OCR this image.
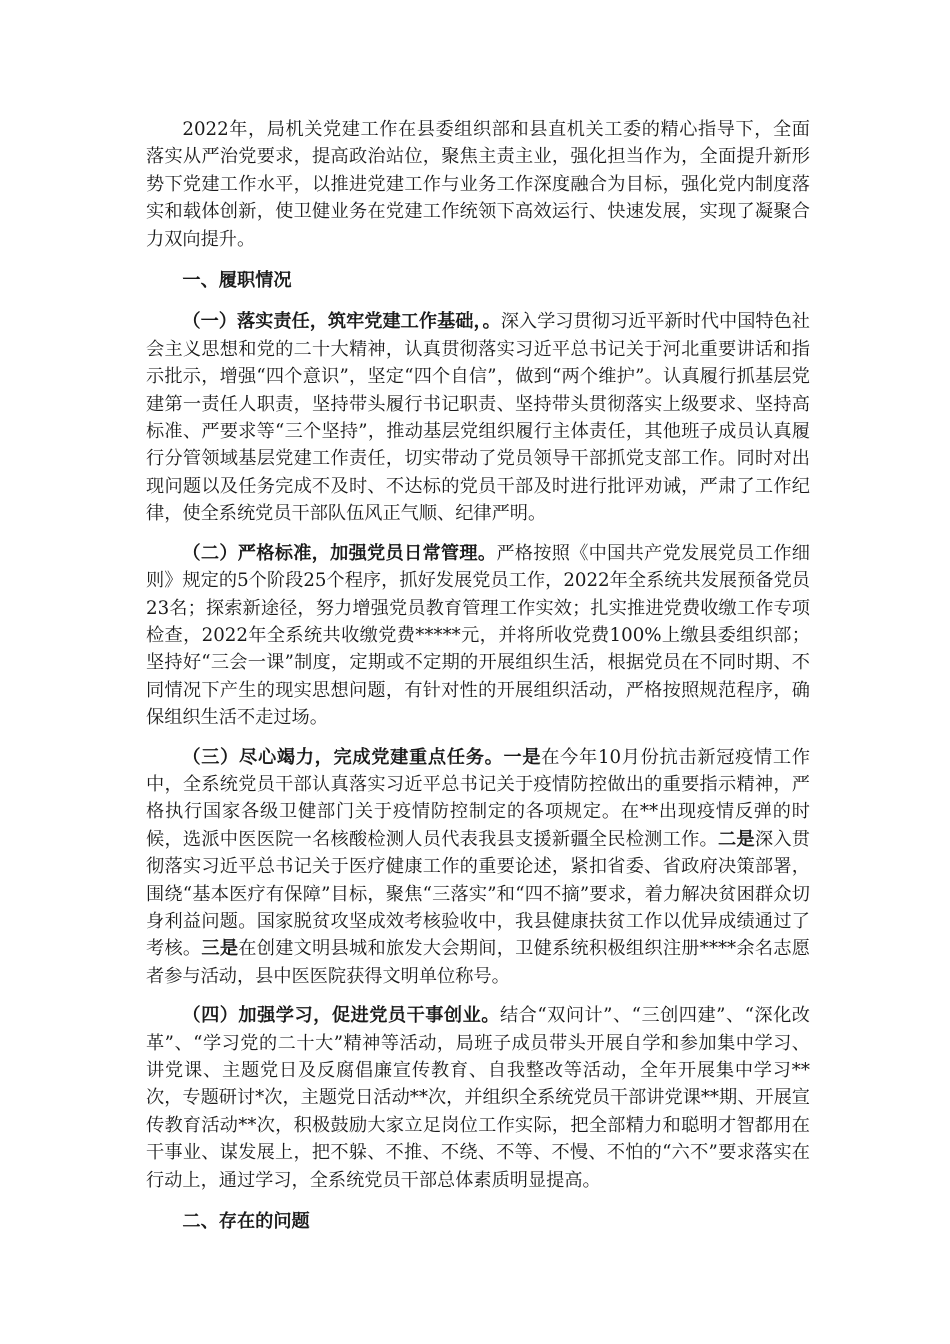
2022年，局机关党建工作在县委组织部和县直机关工委的精心指导下，全面落实从严治党要求，提高政治站位，聚焦主责主业，强化担当作为，全面提升新形势下党建工作水平，以推进党建工作与业务工作深度融合为目标，强化党内制度落实和载体创新，使卫健业务在党建工作统领下高效运行、快速发展，实现了凝聚合力双向提升。

一、履职情况

（一）落实责任，筑牢党建工作基础，。深入学习贯彻习近平新时代中国特色社会主义思想和党的二十大精神，认真贯彻落实习近平总书记关于河北重要讲话和指示批示，增强“四个意识”，坚定“四个自信”，做到“两个维护”。认真履行抓基层党建第一责任人职责，坚持带头履行书记职责、坚持带头贯彻落实上级要求、坚持高标准、严要求等“三个坚持”，推动基层党组织履行主体责任，其他班子成员认真履行分管领域基层党建工作责任，切实带动了党员领导干部抓党支部工作。同时对出现问题以及任务完成不及时、不达标的党员干部及时进行批评劝诫，严肃了工作纪律，使全系统党员干部队伍风正气顺、纪律严明。

（二）严格标准，加强党员日常管理。严格按照《中国共产党发展党员工作细则》规定的5个阶段25个程序，抓好发展党员工作，2022年全系统共发展预备党员23名；探索新途径，努力增强党员教育管理工作实效；扎实推进党费收缴工作专项检查，2022年全系统共收缴党费*****元，并将所收党费100%上缴县委组织部；坚持好“三会一课”制度，定期或不定期的开展组织生活，根据党员在不同时期、不同情况下产生的现实思想问题，有针对性的开展组织活动，严格按照规范程序，确保组织生活不走过场。

（三）尽心竭力，完成党建重点任务。一是在今年10月份抗击新冠疫情工作中，全系统党员干部认真落实习近平总书记关于疫情防控做出的重要指示精神，严格执行国家各级卫健部门关于疫情防控制定的各项规定。在**出现疫情反弹的时候，选派中医医院一名核酸检测人员代表我县支援新疆全民检测工作。二是深入贯彻落实习近平总书记关于医疗健康工作的重要论述，紧扣省委、省政府决策部署，围绕“基本医疗有保障”目标，聚焦“三落实”和“四不摘”要求，着力解决贫困群众切身利益问题。国家脱贫攻坚成效考核验收中，我县健康扶贫工作以优异成绩通过了考核。三是在创建文明县城和旅发大会期间，卫健系统积极组织注册****余名志愿者参与活动，县中医医院获得文明单位称号。

（四）加强学习，促进党员干事创业。结合“双问计”、“三创四建”、“深化改革”、“学习党的二十大”精神等活动，局班子成员带头开展自学和参加集中学习、讲党课、主题党日及反腐倡廉宣传教育、自我整改等活动，全年开展集中学习**次，专题研讨*次，主题党日活动**次，并组织全系统党员干部讲党课**期、开展宣传教育活动**次，积极鼓励大家立足岗位工作实际，把全部精力和聪明才智都用在干事业、谋发展上，把不躲、不推、不绕、不等、不慢、不怕的“六不”要求落实在行动上，通过学习，全系统党员干部总体素质明显提高。

二、存在的问题
